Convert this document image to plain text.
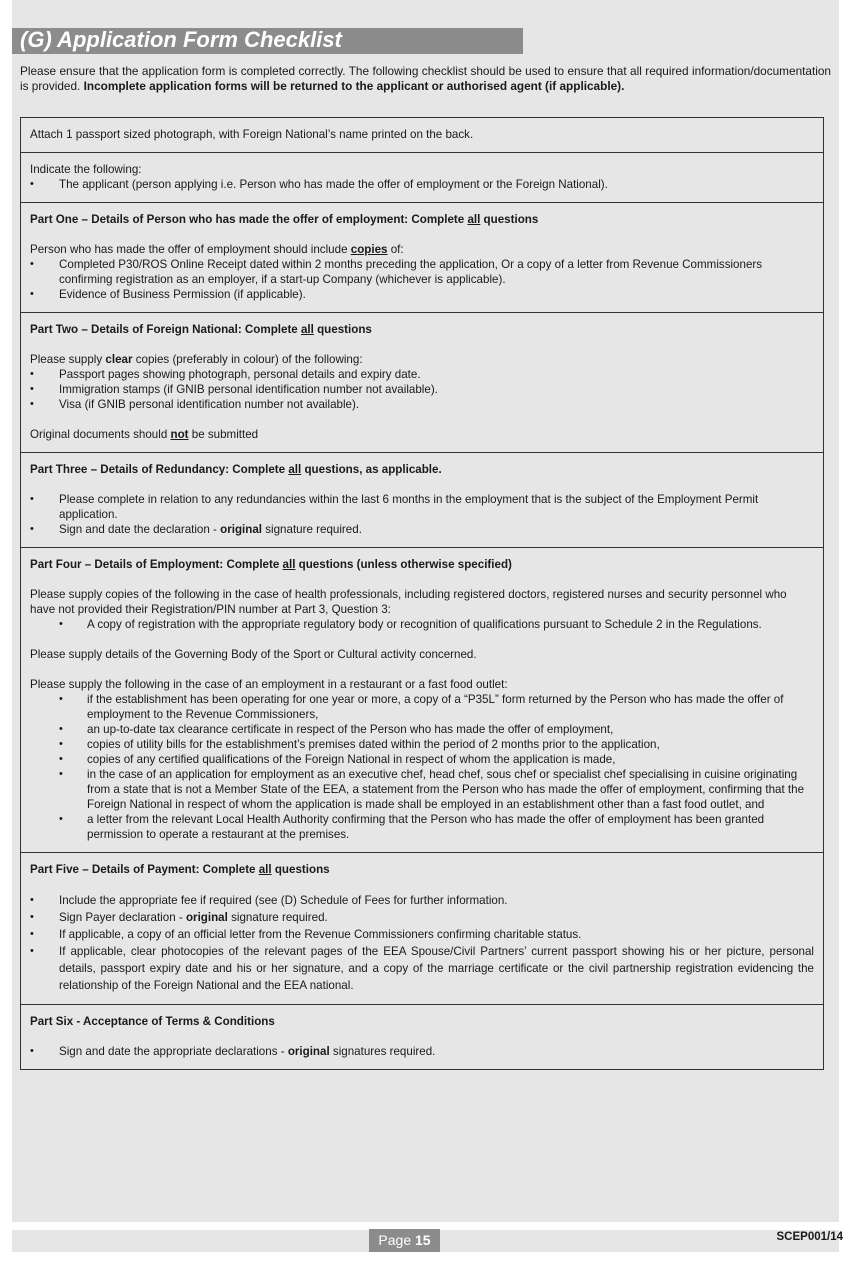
(G) Application Form Checklist
Please ensure that the application form is completed correctly. The following checklist should be used to ensure that all required information/documentation is provided. Incomplete application forms will be returned to the applicant or authorised agent (if applicable).

Attach 1 passport sized photograph, with Foreign National’s name printed on the back.

Indicate the following:

• The applicant (person applying i.e. Person who has made the offer of employment or the Foreign National).

Part One – Details of Person who has made the offer of employment: Complete all questions

Person who has made the offer of employment should include copies of:

• Completed P30/ROS Online Receipt dated within 2 months preceding the application, Or a copy of a letter from Revenue Commissioners confirming registration as an employer, if a start-up Company (whichever is applicable).
• Evidence of Business Permission (if applicable).

Part Two – Details of Foreign National: Complete all questions

Please supply clear copies (preferably in colour) of the following:

• Passport pages showing photograph, personal details and expiry date.
• Immigration stamps (if GNIB personal identification number not available).
• Visa (if GNIB personal identification number not available).

Original documents should not be submitted

Part Three – Details of Redundancy: Complete all questions, as applicable.

• Please complete in relation to any redundancies within the last 6 months in the employment that is the subject of the Employment Permit application.
• Sign and date the declaration - original signature required.

Part Four – Details of Employment: Complete all questions (unless otherwise specified)

Please supply copies of the following in the case of health professionals, including registered doctors, registered nurses and security personnel who have not provided their Registration/PIN number at Part 3, Question 3:

• A copy of registration with the appropriate regulatory body or recognition of qualifications pursuant to Schedule 2 in the Regulations.

Please supply details of the Governing Body of the Sport or Cultural activity concerned.

Please supply the following in the case of an employment in a restaurant or a fast food outlet:

• if the establishment has been operating for one year or more, a copy of a “P35L” form returned by the Person who has made the offer of employment to the Revenue Commissioners,
• an up-to-date tax clearance certificate in respect of the Person who has made the offer of employment,
• copies of utility bills for the establishment’s premises dated within the period of 2 months prior to the application,
• copies of any certified qualifications of the Foreign National in respect of whom the application is made,
• in the case of an application for employment as an executive chef, head chef, sous chef or specialist chef specialising in cuisine originating from a state that is not a Member State of the EEA, a statement from the Person who has made the offer of employment, confirming that the Foreign National in respect of whom the application is made shall be employed in an establishment other than a fast food outlet, and
• a letter from the relevant Local Health Authority confirming that the Person who has made the offer of employment has been granted permission to operate a restaurant at the premises.

Part Five – Details of Payment: Complete all questions

• Include the appropriate fee if required (see (D) Schedule of Fees for further information.
• Sign Payer declaration - original signature required.
• If applicable, a copy of an official letter from the Revenue Commissioners confirming charitable status.
• If applicable, clear photocopies of the relevant pages of the EEA Spouse/Civil Partners’ current passport showing his or her picture, personal details, passport expiry date and his or her signature, and a copy of the marriage certificate or the civil partnership registration evidencing the relationship of the Foreign National and the EEA national.

Part Six - Acceptance of Terms & Conditions

• Sign and date the appropriate declarations - original signatures required.
Page 15	SCEP001/14
